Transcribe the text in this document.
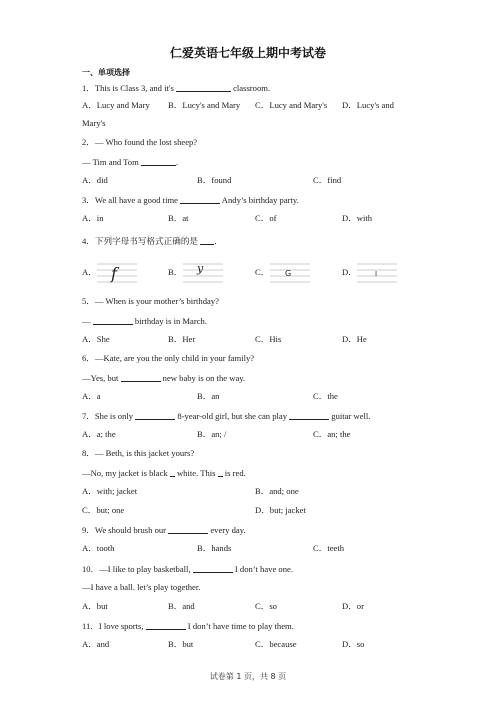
仁爱英语七年级上期中考试卷
一、单项选择
1．This is Class 3, and it's	classroom.
A．Lucy and Mary B．Lucy's and Mary C．Lucy and Mary's D．Lucy's and
Mary's
2．— Who found the lost sheep?
— Tim and Tom	.
A．did	B．found	C．find
3．We all have a good time	Andy’s birthday party.
A．in	B．at	C．of	D．with
4．下列字母书写格式正确的是 ．
A． f	B． y	C． G	D．	I
5．— When is your mother’s birthday?
—	birthday is in March.
A．She	B．Her	C．His	D．He
6．—Kate, are you the only child in your family?
—Yes, but	new baby is on the way.
A．a	B．an	C．the
7．She is only	8-year-old girl, but she can play	guitar well.
A．a; the	B．an; /	C．an; the
8．— Beth, is this jacket yours?
—No, my jacket is black  white. This  is red.
A．with; jacket	B．and; one
C．but; one	D．but; jacket
9．We should brush our	every day.
A．tooth	B．hands	C．teeth
10．—I like to play basketball,	I don’t have one.
—I have a ball. let’s play together.
A．but	B．and	C．so	D．or
11．I love sports,	I don’t have time to play them.
A．and	B．but	C．because	D．so
试卷第 1 页，共 8 页
